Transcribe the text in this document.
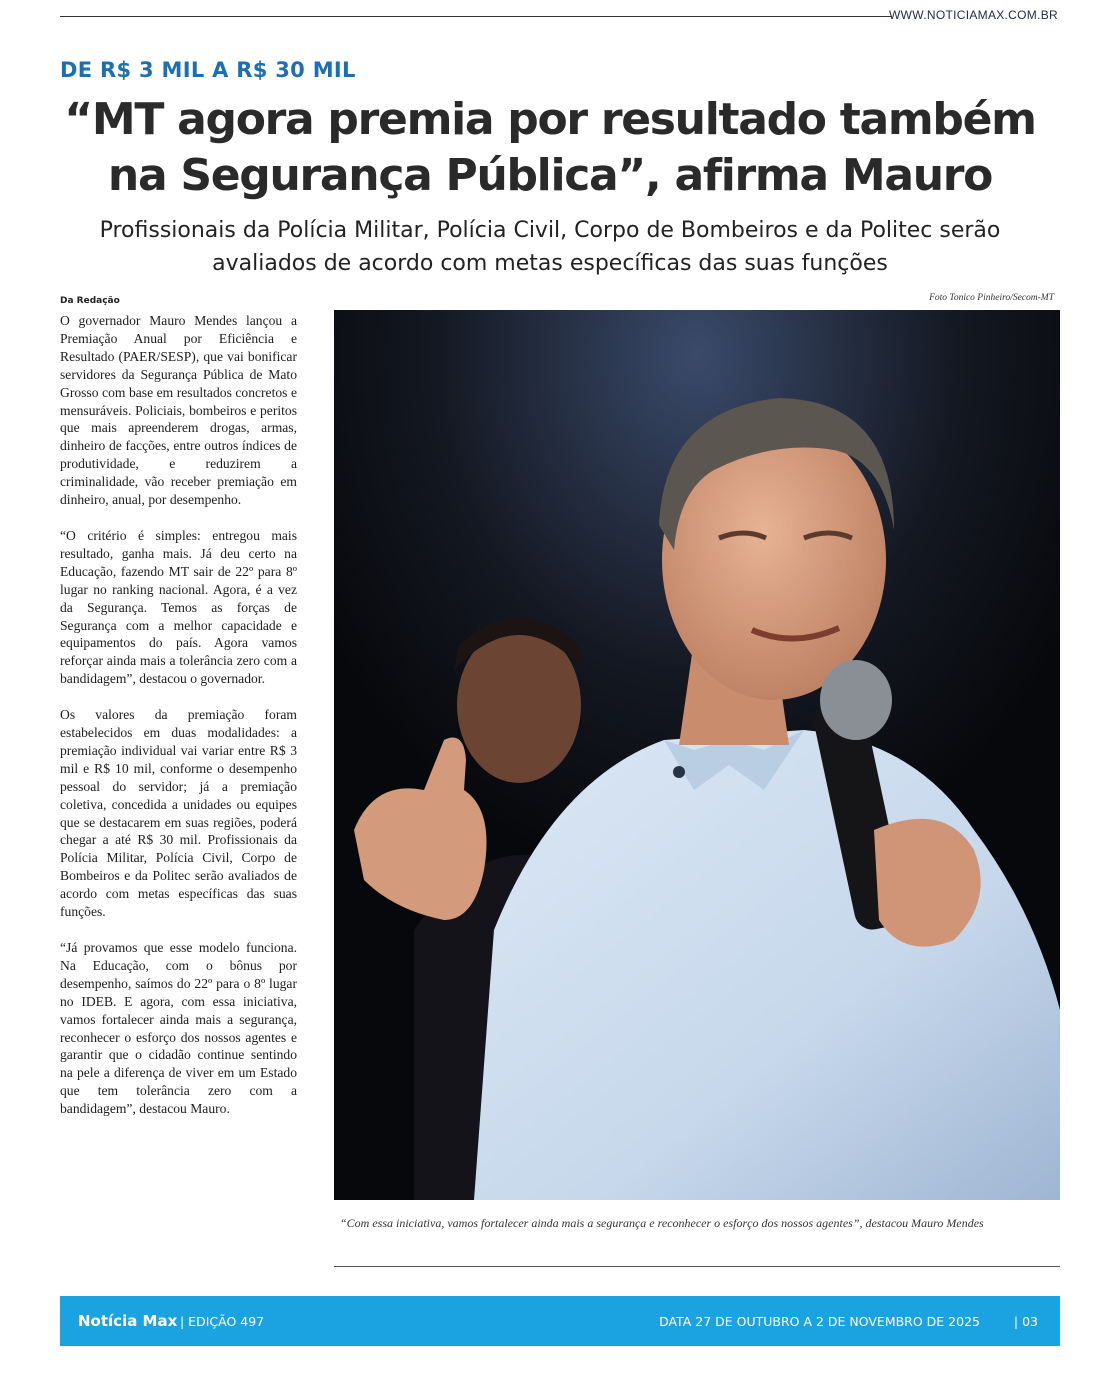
WWW.NOTICIAMAX.COM.BR
DE R$ 3 MIL A R$ 30 MIL
“MT agora premia por resultado também
na Segurança Pública”, afirma Mauro

Profissionais da Polícia Militar, Polícia Civil, Corpo de Bombeiros e da Politec serão
avaliados de acordo com metas específicas das suas funções

Da Redação

O governador Mauro Mendes lançou a Premiação Anual por Eficiência e Resultado (PAER/SESP), que vai bonificar servidores da Segurança Pública de Mato Grosso com base em resultados concretos e mensuráveis. Policiais, bombeiros e peritos que mais apreenderem drogas, armas, dinheiro de facções, entre outros índices de produtividade, e reduzirem a criminalidade, vão receber premiação em dinheiro, anual, por desempenho.

“O critério é simples: entregou mais resultado, ganha mais. Já deu certo na Educação, fazendo MT sair de 22º para 8º lugar no ranking nacional. Agora, é a vez da Segurança. Temos as forças de Segurança com a melhor capacidade e equipamentos do país. Agora vamos reforçar ainda mais a tolerância zero com a bandidagem”, destacou o governador.

Os valores da premiação foram estabelecidos em duas modalidades: a premiação individual vai variar entre R$ 3 mil e R$ 10 mil, conforme o desempenho pessoal do servidor; já a premiação coletiva, concedida a unidades ou equipes que se destacarem em suas regiões, poderá chegar a até R$ 30 mil. Profissionais da Polícia Militar, Polícia Civil, Corpo de Bombeiros e da Politec serão avaliados de acordo com metas específicas das suas funções.

“Já provamos que esse modelo funciona. Na Educação, com o bônus por desempenho, saímos do 22º para o 8º lugar no IDEB. E agora, com essa iniciativa, vamos fortalecer ainda mais a segurança, reconhecer o esforço dos nossos agentes e garantir que o cidadão continue sentindo na pele a diferença de viver em um Estado que tem tolerância zero com a bandidagem”, destacou Mauro.

Foto Tonico Pinheiro/Secom-MT
“Com essa iniciativa, vamos fortalecer ainda mais a segurança e reconhecer o esforço dos nossos agentes”, destacou Mauro Mendes
Notícia Max | EDIÇÃO 497	DATA 27 DE OUTUBRO A 2 DE NOVEMBRO DE 2025	| 03
